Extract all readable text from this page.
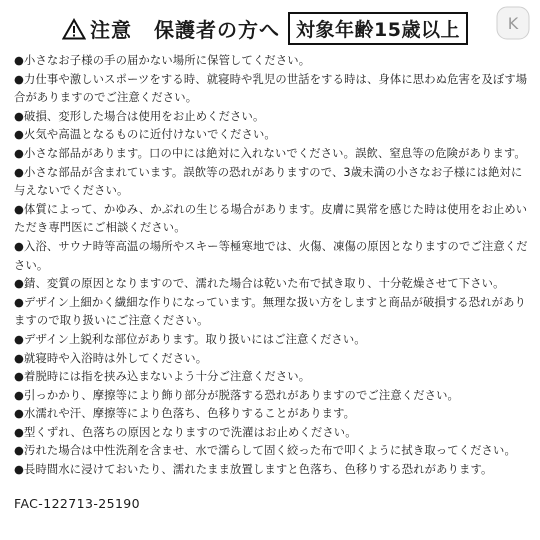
注意 保護者の方へ 対象年齢15歳以上	K
●小さなお子様の手の届かない場所に保管してください。
●力仕事や激しいスポーツをする時、就寝時や乳児の世話をする時は、身体に思わぬ危害を及ぼす場合がありますのでご注意ください。
●破損、変形した場合は使用をお止めください。
●火気や高温となるものに近付けないでください。
●小さな部品があります。口の中には絶対に入れないでください。誤飲、窒息等の危険があります。
●小さな部品が含まれています。誤飲等の恐れがありますので、3歳未満の小さなお子様には絶対に与えないでください。
●体質によって、かゆみ、かぶれの生じる場合があります。皮膚に異常を感じた時は使用をお止めいただき専門医にご相談ください。
●入浴、サウナ時等高温の場所やスキー等極寒地では、火傷、凍傷の原因となりますのでご注意ください。
●錆、変質の原因となりますので、濡れた場合は乾いた布で拭き取り、十分乾燥させて下さい。
●デザイン上細かく繊細な作りになっています。無理な扱い方をしますと商品が破損する恐れがありますので取り扱いにご注意ください。
●デザイン上鋭利な部位があります。取り扱いにはご注意ください。
●就寝時や入浴時は外してください。
●着脱時には指を挟み込まないよう十分ご注意ください。
●引っかかり、摩擦等により飾り部分が脱落する恐れがありますのでご注意ください。
●水濡れや汗、摩擦等により色落ち、色移りすることがあります。
●型くずれ、色落ちの原因となりますので洗濯はお止めください。
●汚れた場合は中性洗剤を含ませ、水で濡らして固く絞った布で叩くように拭き取ってください。
●長時間水に浸けておいたり、濡れたまま放置しますと色落ち、色移りする恐れがあります。
FAC-122713-25190
